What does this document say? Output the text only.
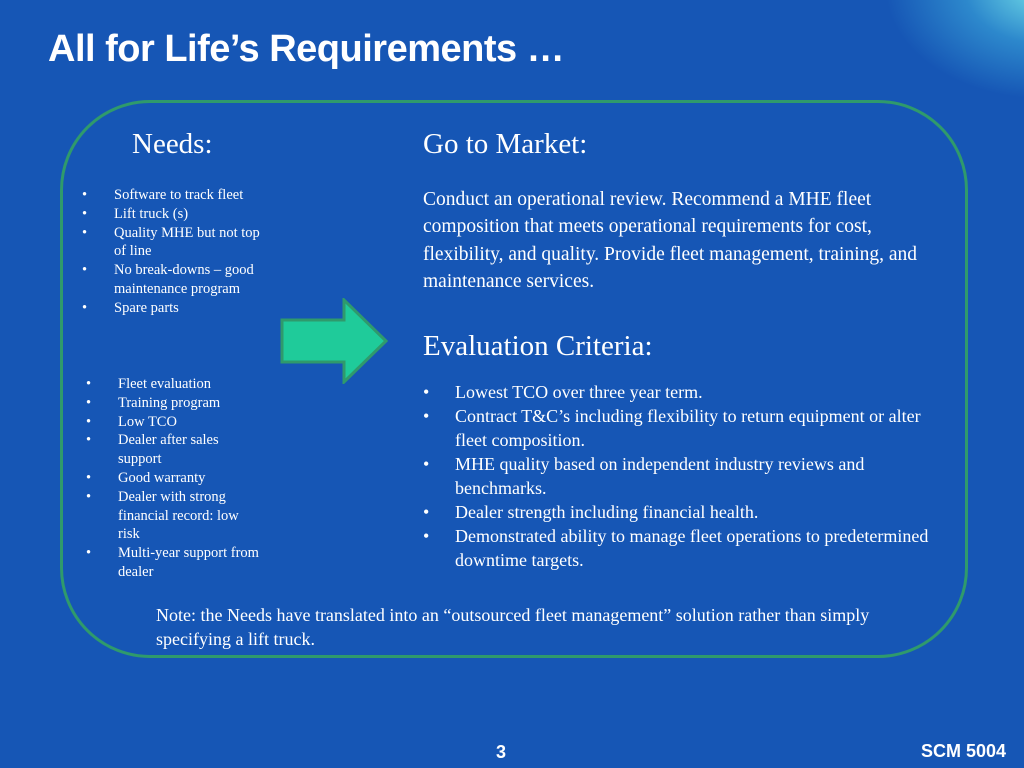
All for Life’s Requirements …
Needs:
• Software to track fleet
• Lift truck (s)
• Quality MHE but not top of line
• No break-downs – good maintenance program
• Spare parts
• Fleet evaluation
• Training program
• Low TCO
• Dealer after sales support
• Good warranty
• Dealer with strong financial record: low risk
• Multi-year support from dealer
Go to Market:
Conduct an operational review. Recommend a MHE fleet composition that meets operational requirements for cost, flexibility, and quality. Provide fleet management, training, and maintenance services.
Evaluation Criteria:
• Lowest TCO over three year term.
• Contract T&C’s including flexibility to return equipment or alter fleet composition.
• MHE quality based on independent industry reviews and benchmarks.
• Dealer strength including financial health.
• Demonstrated ability to manage fleet operations to predetermined downtime targets.
Note: the Needs have translated into an “outsourced fleet management” solution rather than simply specifying a lift truck.
3	SCM 5004
